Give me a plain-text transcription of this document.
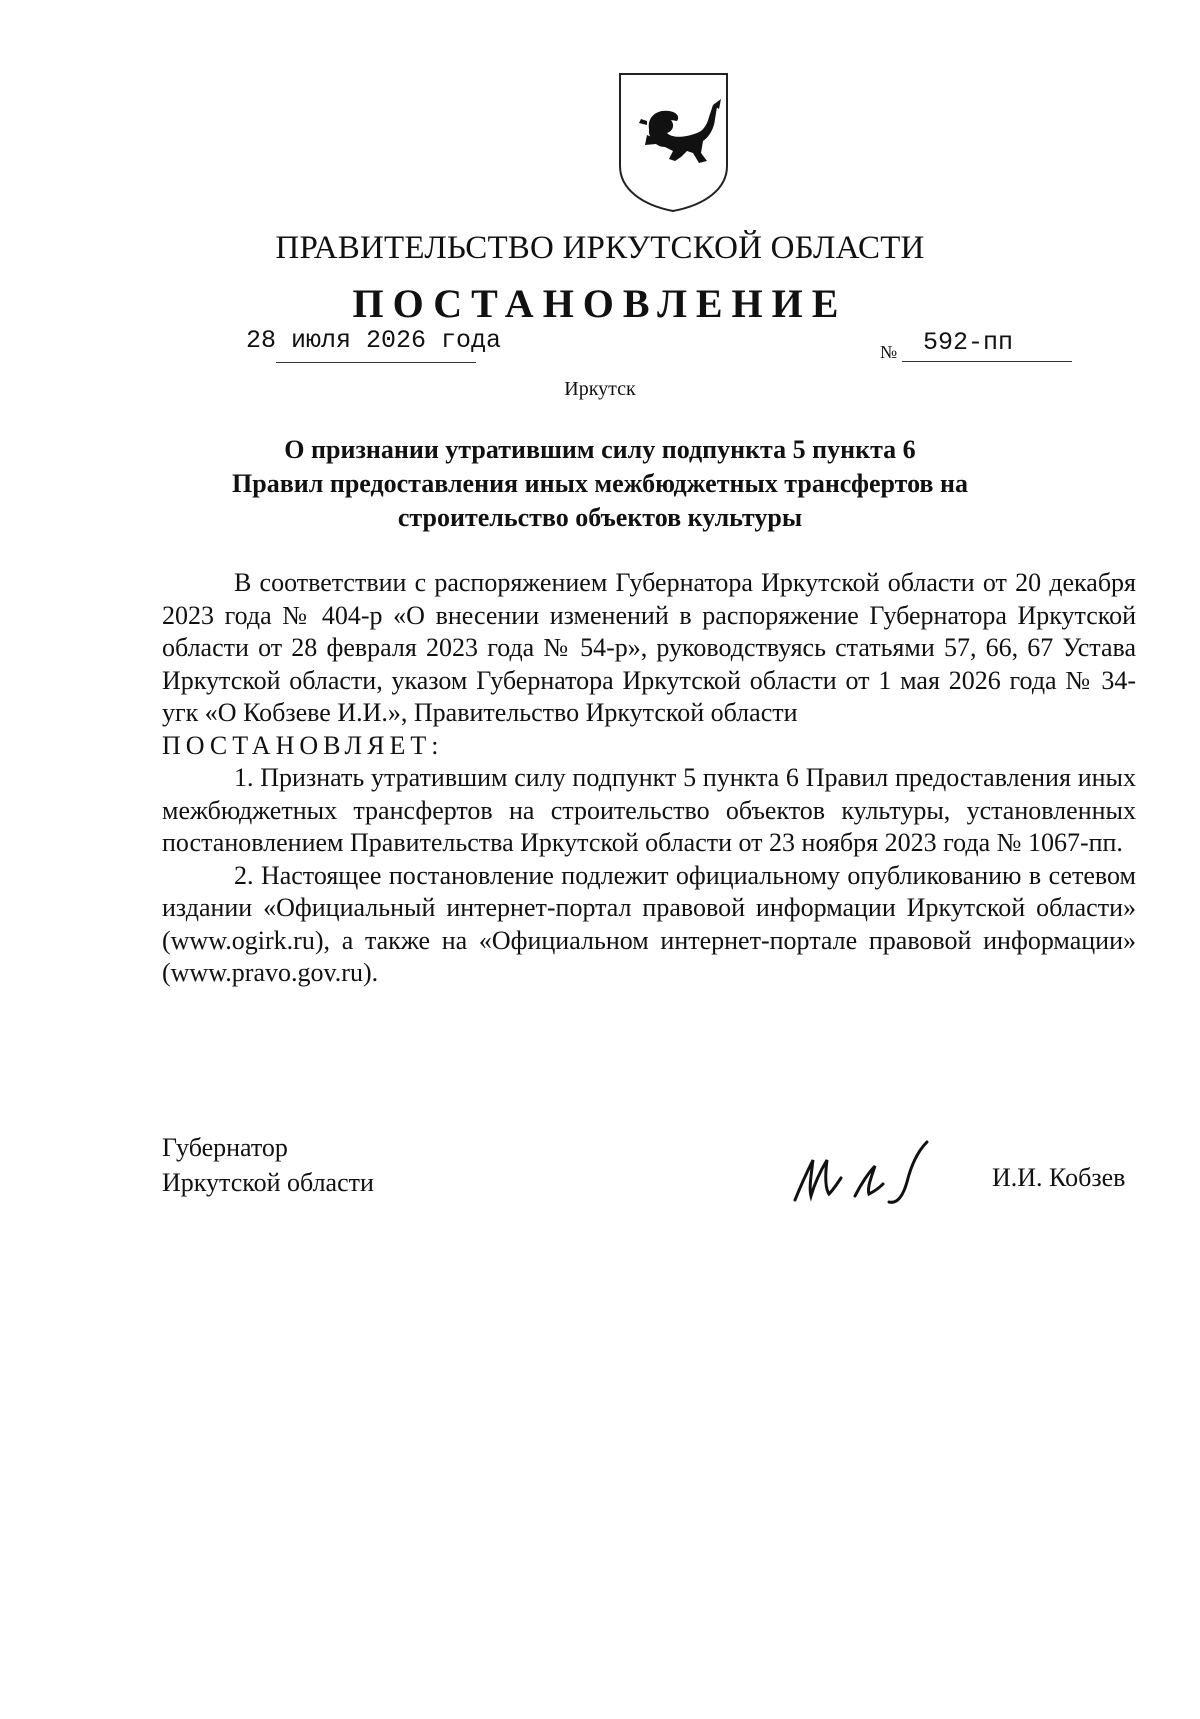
ПРАВИТЕЛЬСТВО ИРКУТСКОЙ ОБЛАСТИ
ПОСТАНОВЛЕНИЕ
28 июля 2026 года	№ 592-пп
Иркутск
О признании утратившим силу подпункта 5 пункта 6
Правил предоставления иных межбюджетных трансфертов на
строительство объектов культуры

В соответствии с распоряжением Губернатора Иркутской области от 20 декабря 2023 года № 404-р «О внесении изменений в распоряжение Губернатора Иркутской области от 28 февраля 2023 года № 54-р», руководствуясь статьями 57, 66, 67 Устава Иркутской области, указом Губернатора Иркутской области от 1 мая 2026 года № 34-угк «О Кобзеве И.И.», Правительство Иркутской области

ПОСТАНОВЛЯЕТ:

1. Признать утратившим силу подпункт 5 пункта 6 Правил предоставления иных межбюджетных трансфертов на строительство объектов культуры, установленных постановлением Правительства Иркутской области от 23 ноября 2023 года № 1067-пп.

2. Настоящее постановление подлежит официальному опубликованию в сетевом издании «Официальный интернет-портал правовой информации Иркутской области» (www.ogirk.ru), а также на «Официальном интернет-портале правовой информации» (www.pravo.gov.ru).

Губернатор
Иркутской области	И.И. Кобзев
